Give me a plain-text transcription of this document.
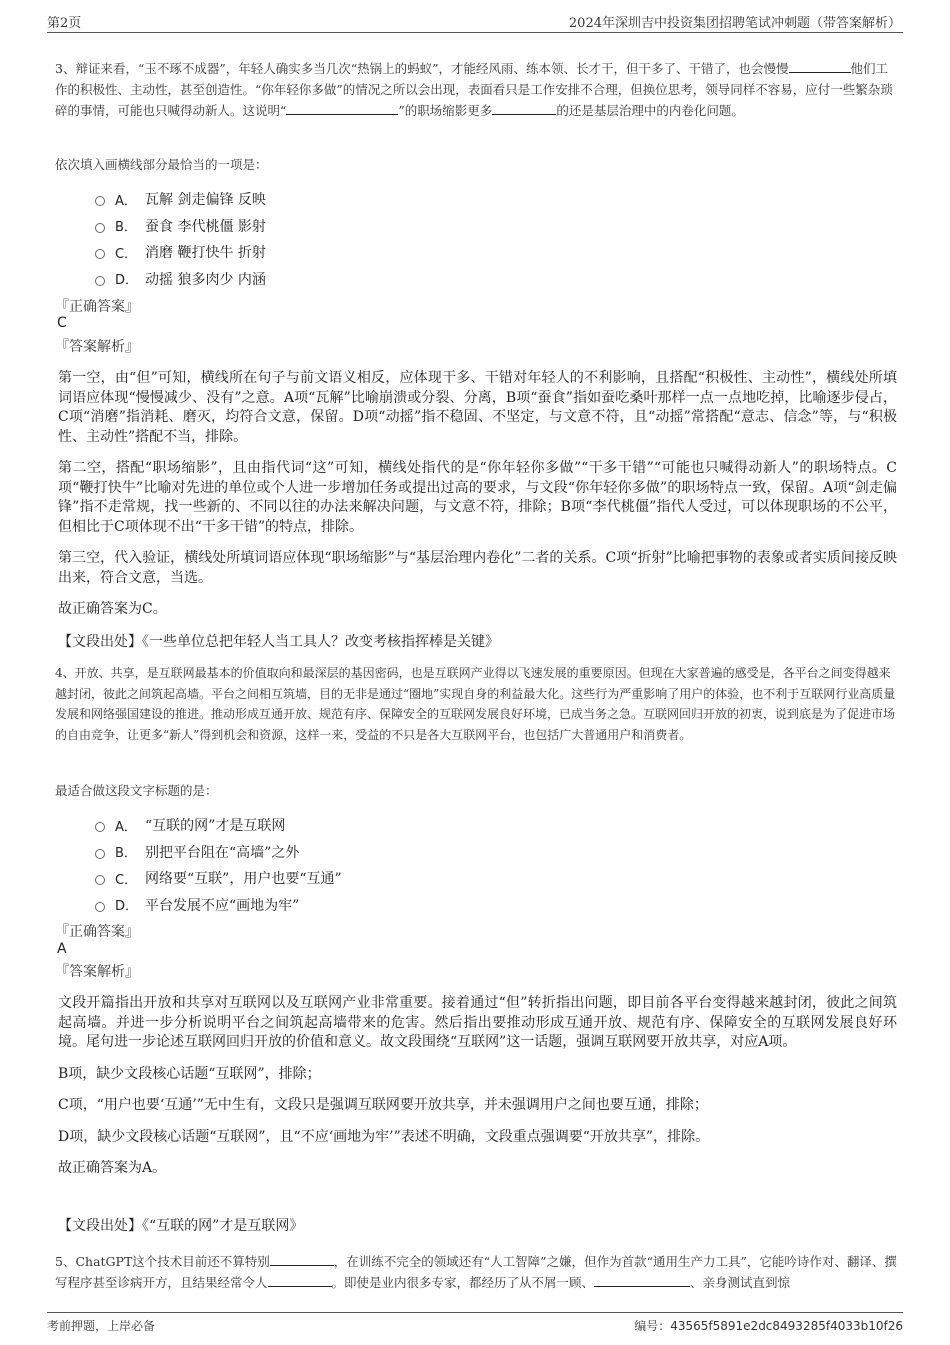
第2页	2024年深圳吉中投资集团招聘笔试冲刺题（带答案解析）
3、辩证来看，“玉不琢不成器”，年轻人确实多当几次“热锅上的蚂蚁”，才能经风雨、练本领、长才干，但干多了、干错了，也会慢慢	他们工作的积极性、主动性，甚至创造性。“你年轻你多做”的情况之所以会出现，表面看只是工作安排不合理，但换位思考，领导同样不容易，应付一些繁杂琐碎的事情，可能也只喊得动新人。这说明“	”的职场缩影更多	的还是基层治理中的内卷化问题。
依次填入画横线部分最恰当的一项是：
A． 瓦解 剑走偏锋 反映
B． 蚕食 李代桃僵 影射
C． 消磨 鞭打快牛 折射
D． 动摇 狼多肉少 内涵
『正确答案』
C
『答案解析』

第一空，由“但”可知，横线所在句子与前文语义相反，应体现干多、干错对年轻人的不利影响，且搭配“积极性、主动性”，横线处所填词语应体现“慢慢减少、没有”之意。A项“瓦解”比喻崩溃或分裂、分离，B项“蚕食”指如蚕吃桑叶那样一点一点地吃掉，比喻逐步侵占，C项“消磨”指消耗、磨灭，均符合文意，保留。D项“动摇”指不稳固、不坚定，与文意不符，且“动摇”常搭配“意志、信念”等，与“积极性、主动性”搭配不当，排除。

第二空，搭配“职场缩影”，且由指代词“这”可知，横线处指代的是“你年轻你多做”“干多干错”“可能也只喊得动新人”的职场特点。C项“鞭打快牛”比喻对先进的单位或个人进一步增加任务或提出过高的要求，与文段“你年轻你多做”的职场特点一致，保留。A项“剑走偏锋”指不走常规，找一些新的、不同以往的办法来解决问题，与文意不符，排除；B项“李代桃僵”指代人受过，可以体现职场的不公平，但相比于C项体现不出“干多干错”的特点，排除。

第三空，代入验证，横线处所填词语应体现“职场缩影”与“基层治理内卷化”二者的关系。C项“折射”比喻把事物的表象或者实质间接反映出来，符合文意，当选。

故正确答案为C。

【文段出处】《一些单位总把年轻人当工具人？改变考核指挥棒是关键》
4、开放、共享，是互联网最基本的价值取向和最深层的基因密码，也是互联网产业得以飞速发展的重要原因。但现在大家普遍的感受是，各平台之间变得越来越封闭，彼此之间筑起高墙。平台之间相互筑墙，目的无非是通过“圈地”实现自身的利益最大化。这些行为严重影响了用户的体验，也不利于互联网行业高质量发展和网络强国建设的推进。推动形成互通开放、规范有序、保障安全的互联网发展良好环境，已成当务之急。互联网回归开放的初衷，说到底是为了促进市场的自由竞争，让更多“新人”得到机会和资源，这样一来，受益的不只是各大互联网平台，也包括广大普通用户和消费者。
最适合做这段文字标题的是：
A． “互联的网”才是互联网
B． 别把平台阻在“高墙”之外
C． 网络要“互联”，用户也要“互通”
D． 平台发展不应“画地为牢”
『正确答案』
A
『答案解析』

文段开篇指出开放和共享对互联网以及互联网产业非常重要。接着通过“但”转折指出问题，即目前各平台变得越来越封闭，彼此之间筑起高墙。并进一步分析说明平台之间筑起高墙带来的危害。然后指出要推动形成互通开放、规范有序、保障安全的互联网发展良好环境。尾句进一步论述互联网回归开放的价值和意义。故文段围绕“互联网”这一话题，强调互联网要开放共享，对应A项。

B项，缺少文段核心话题“互联网”，排除；

C项，“用户也要‘互通’”无中生有，文段只是强调互联网要开放共享，并未强调用户之间也要互通，排除；

D项，缺少文段核心话题“互联网”，且“不应‘画地为牢’”表述不明确，文段重点强调要“开放共享”，排除。

故正确答案为A。

【文段出处】《“互联的网”才是互联网》
5、ChatGPT这个技术目前还不算特别	，在训练不完全的领域还有“人工智障”之嫌，但作为首款“通用生产力工具”，它能吟诗作对、翻译、撰写程序甚至诊病开方，且结果经常令人	。即使是业内很多专家，都经历了从不屑一顾、	、亲身测试直到惊
考前押题，上岸必备	编号：43565f5891e2dc8493285f4033b10f26
